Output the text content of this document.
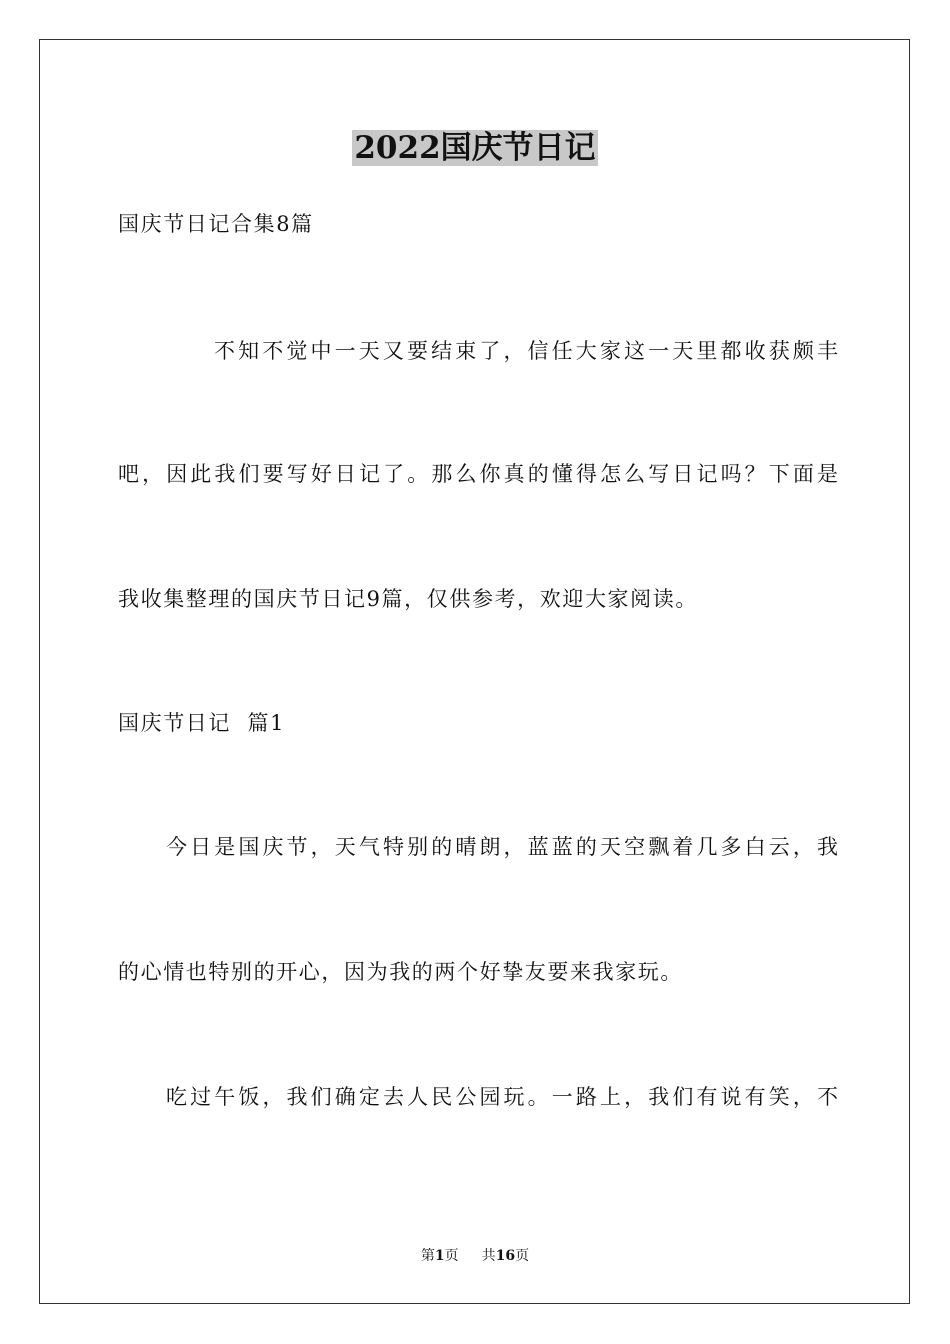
2022国庆节日记
国庆节日记合集8篇
不知不觉中一天又要结束了，信任大家这一天里都收获颇丰
吧，因此我们要写好日记了。那么你真的懂得怎么写日记吗？下面是
我收集整理的国庆节日记9篇，仅供参考，欢迎大家阅读。
国庆节日记  篇1
今日是国庆节，天气特别的晴朗，蓝蓝的天空飘着几多白云，我
的心情也特别的开心，因为我的两个好挚友要来我家玩。
吃过午饭，我们确定去人民公园玩。一路上，我们有说有笑，不
第1页 共16页
